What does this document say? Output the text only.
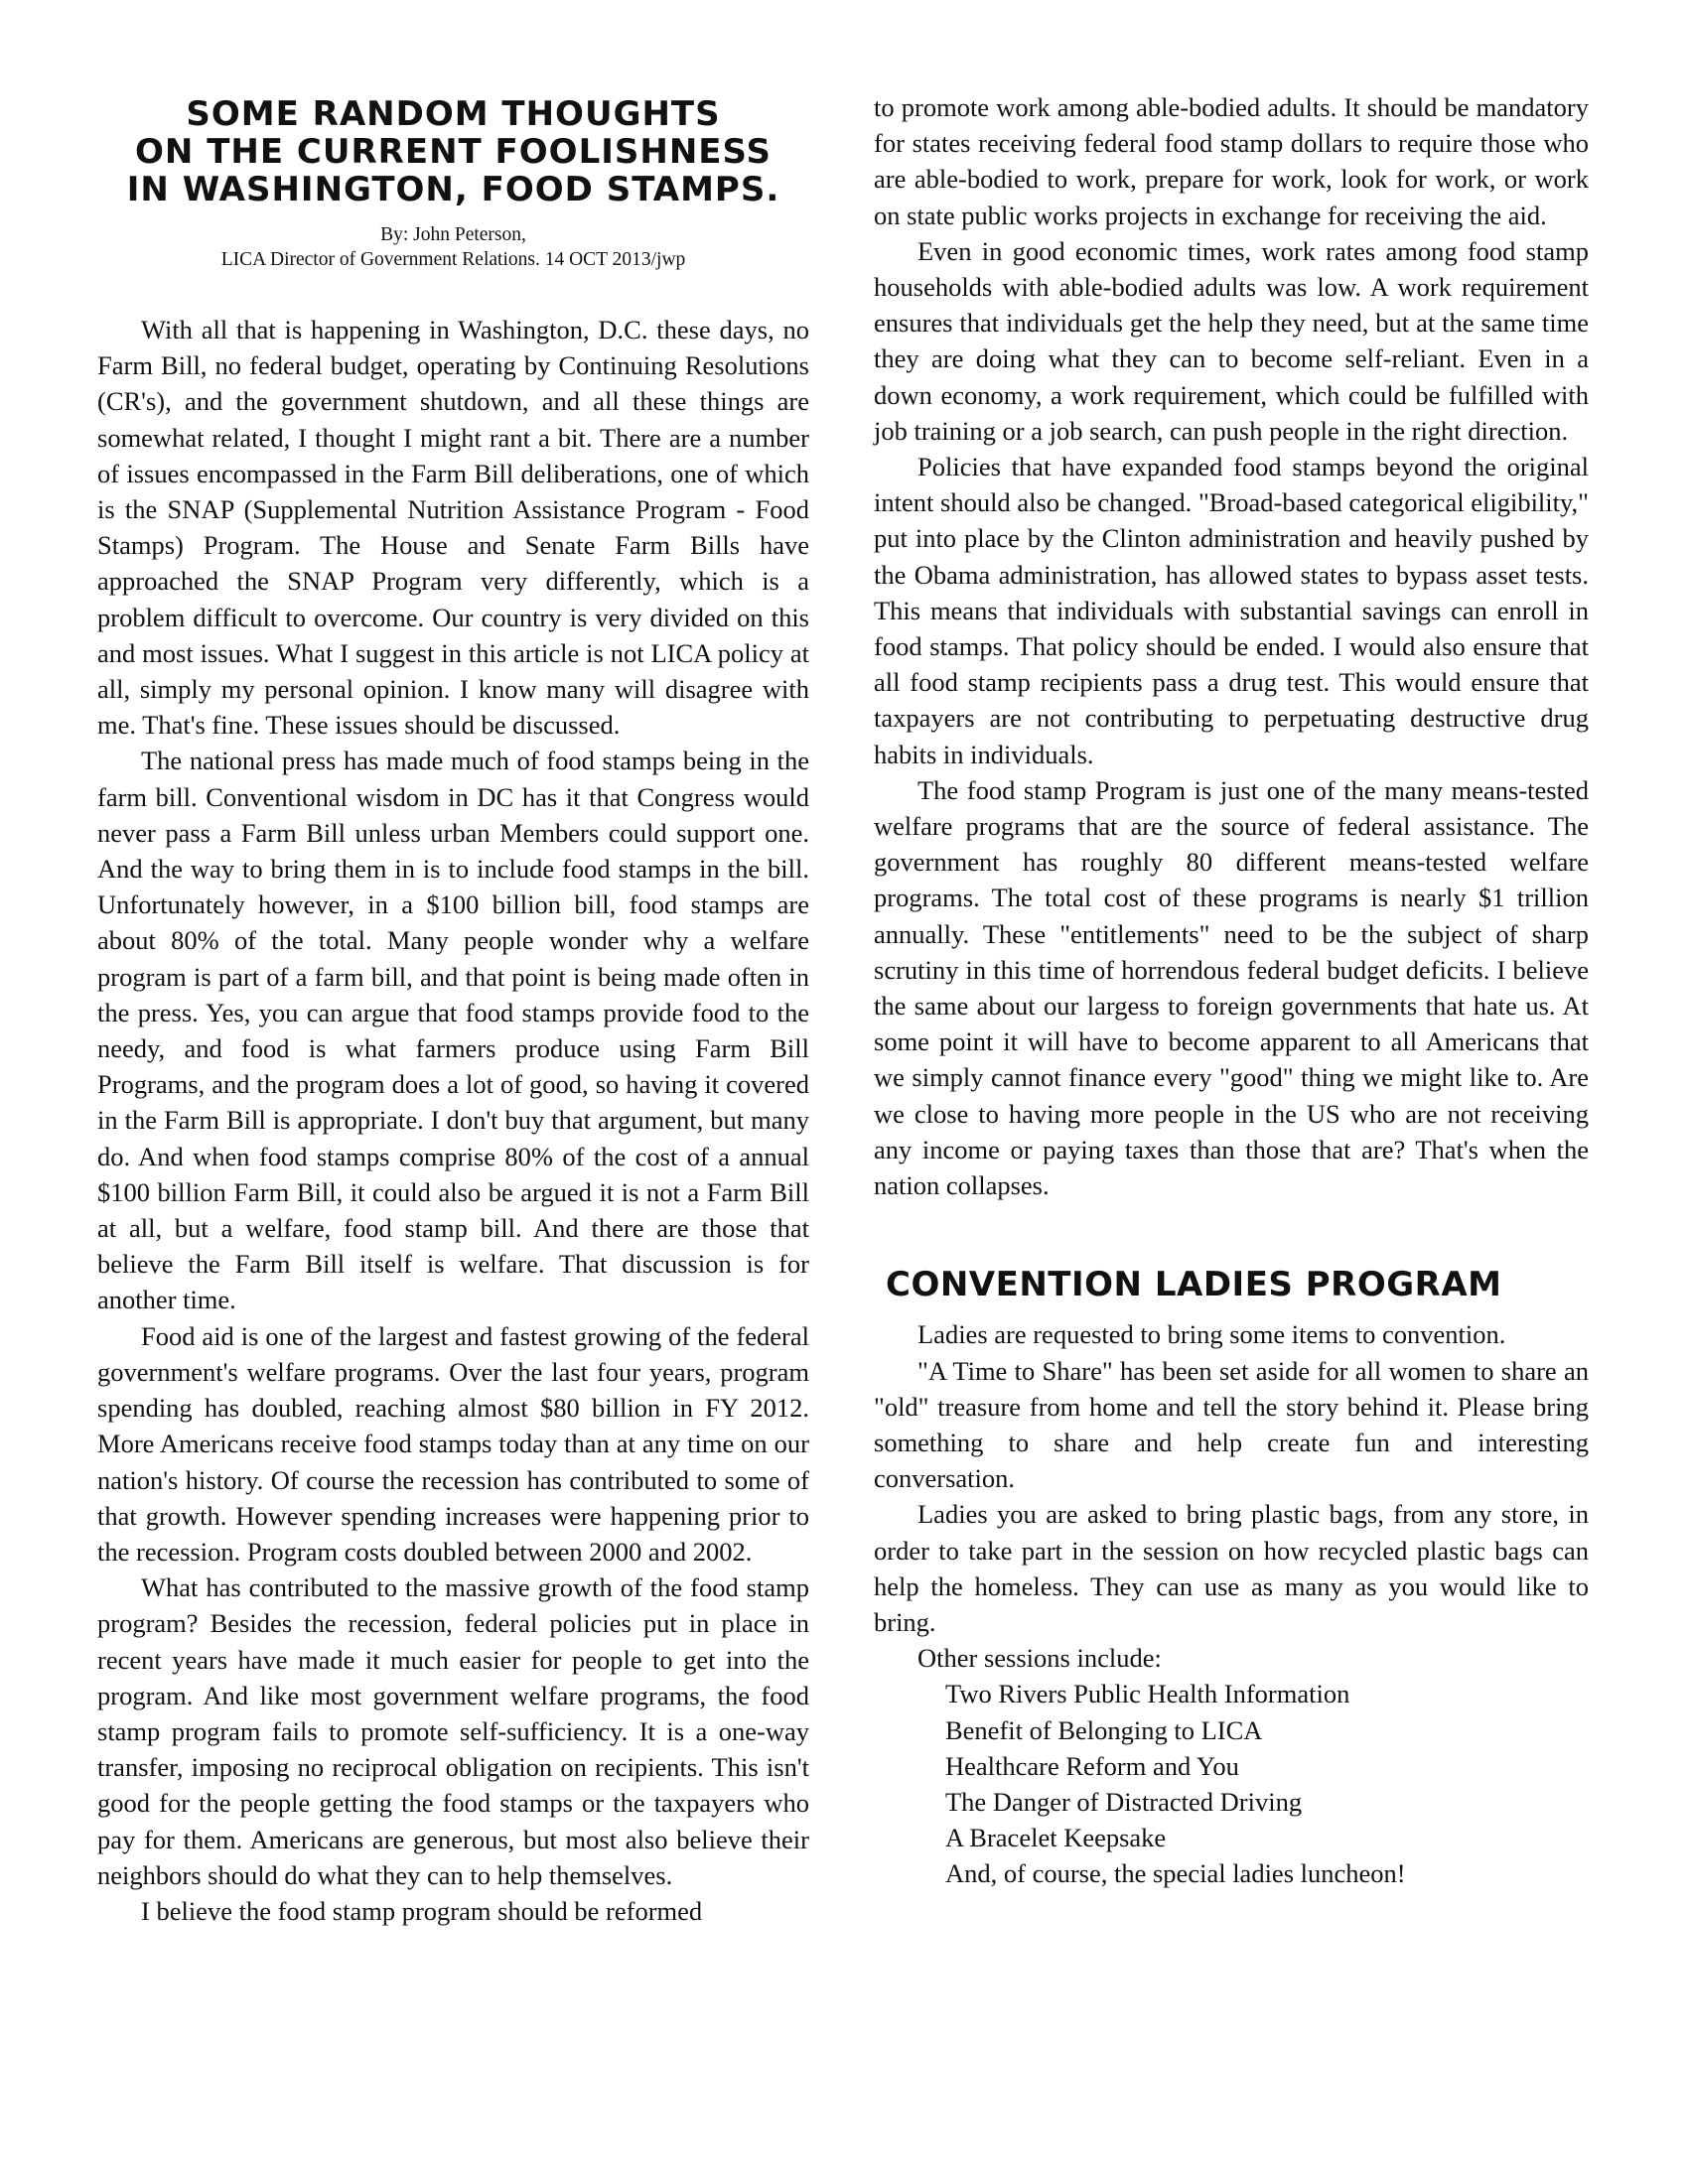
SOME RANDOM THOUGHTS
ON THE CURRENT FOOLISHNESS
IN WASHINGTON, FOOD STAMPS.
By: John Peterson,
LICA Director of Government Relations. 14 OCT 2013/jwp

With all that is happening in Washington, D.C. these days, no Farm Bill, no federal budget, operating by Continuing Resolutions (CR's), and the government shutdown, and all these things are somewhat related, I thought I might rant a bit. There are a number of issues encompassed in the Farm Bill deliberations, one of which is the SNAP (Supplemental Nutrition Assistance Program - Food Stamps) Program. The House and Senate Farm Bills have approached the SNAP Program very differently, which is a problem difficult to overcome. Our country is very divided on this and most issues. What I suggest in this article is not LICA policy at all, simply my personal opinion. I know many will disagree with me. That's fine. These issues should be discussed.

The national press has made much of food stamps being in the farm bill. Conventional wisdom in DC has it that Congress would never pass a Farm Bill unless urban Members could support one. And the way to bring them in is to include food stamps in the bill. Unfortunately however, in a $100 billion bill, food stamps are about 80% of the total. Many people wonder why a welfare program is part of a farm bill, and that point is being made often in the press. Yes, you can argue that food stamps provide food to the needy, and food is what farmers produce using Farm Bill Programs, and the program does a lot of good, so having it covered in the Farm Bill is appropriate. I don't buy that argument, but many do. And when food stamps comprise 80% of the cost of a annual $100 billion Farm Bill, it could also be argued it is not a Farm Bill at all, but a welfare, food stamp bill. And there are those that believe the Farm Bill itself is welfare. That discussion is for another time.

Food aid is one of the largest and fastest growing of the federal government's welfare programs. Over the last four years, program spending has doubled, reaching almost $80 billion in FY 2012. More Americans receive food stamps today than at any time on our nation's history. Of course the recession has contributed to some of that growth. However spending increases were happening prior to the recession. Program costs doubled between 2000 and 2002.

What has contributed to the massive growth of the food stamp program? Besides the recession, federal policies put in place in recent years have made it much easier for people to get into the program. And like most government welfare programs, the food stamp program fails to promote self-sufficiency. It is a one-way transfer, imposing no reciprocal obligation on recipients. This isn't good for the people getting the food stamps or the taxpayers who pay for them. Americans are generous, but most also believe their neighbors should do what they can to help themselves.

I believe the food stamp program should be reformed

to promote work among able-bodied adults. It should be mandatory for states receiving federal food stamp dollars to require those who are able-bodied to work, prepare for work, look for work, or work on state public works projects in exchange for receiving the aid.

Even in good economic times, work rates among food stamp households with able-bodied adults was low. A work requirement ensures that individuals get the help they need, but at the same time they are doing what they can to become self-reliant. Even in a down economy, a work requirement, which could be fulfilled with job training or a job search, can push people in the right direction.

Policies that have expanded food stamps beyond the original intent should also be changed. "Broad-based categorical eligibility," put into place by the Clinton administration and heavily pushed by the Obama administration, has allowed states to bypass asset tests. This means that individuals with substantial savings can enroll in food stamps. That policy should be ended. I would also ensure that all food stamp recipients pass a drug test. This would ensure that taxpayers are not contributing to perpetuating destructive drug habits in individuals.

The food stamp Program is just one of the many means-tested welfare programs that are the source of federal assistance. The government has roughly 80 different means-tested welfare programs. The total cost of these programs is nearly $1 trillion annually. These "entitlements" need to be the subject of sharp scrutiny in this time of horrendous federal budget deficits. I believe the same about our largess to foreign governments that hate us. At some point it will have to become apparent to all Americans that we simply cannot finance every "good" thing we might like to. Are we close to having more people in the US who are not receiving any income or paying taxes than those that are? That's when the nation collapses.

CONVENTION LADIES PROGRAM

Ladies are requested to bring some items to convention.

"A Time to Share" has been set aside for all women to share an "old" treasure from home and tell the story behind it. Please bring something to share and help create fun and interesting conversation.

Ladies you are asked to bring plastic bags, from any store, in order to take part in the session on how recycled plastic bags can help the homeless. They can use as many as you would like to bring.

Other sessions include:
Two Rivers Public Health Information
Benefit of Belonging to LICA
Healthcare Reform and You
The Danger of Distracted Driving
A Bracelet Keepsake
And, of course, the special ladies luncheon!
